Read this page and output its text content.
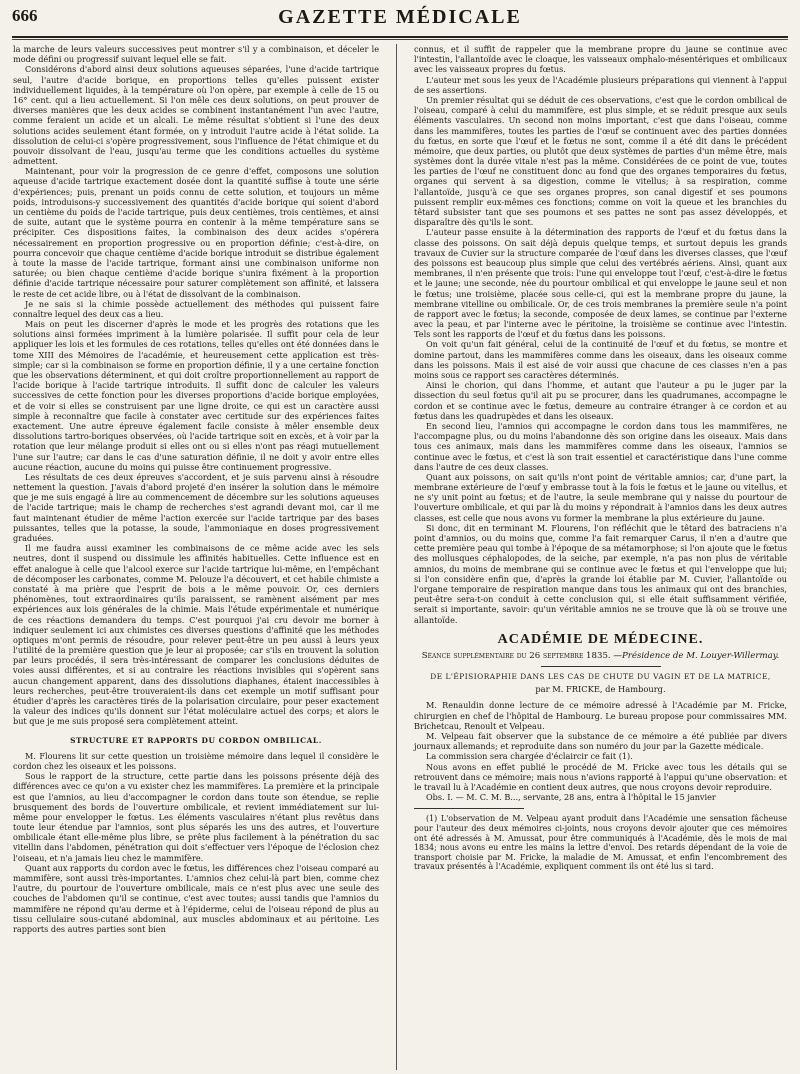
666	GAZETTE MÉDICALE

la marche de leurs valeurs successives peut montrer s'il y a combinaison, et déceler le mode défini ou progressif suivant lequel elle se fait.

Considérons d'abord ainsi deux solutions aqueuses séparées, l'une d'acide tartrique seul, l'autre d'acide borique, en proportions telles qu'elles puissent exister individuellement liquides, à la température où l'on opère, par exemple à celle de 15 ou 16° cent. qui a lieu actuellement. Si l'on mêle ces deux solutions, on peut prouver de diverses manières que les deux acides se combinent instantanément l'un avec l'autre, comme feraient un acide et un alcali. Le même résultat s'obtient si l'une des deux solutions acides seulement étant formée, on y introduit l'autre acide à l'état solide. La dissolution de celui-ci s'opère progressivement, sous l'influence de l'état chimique et du pouvoir dissolvant de l'eau, jusqu'au terme que les conditions actuelles du système admettent.

Maintenant, pour voir la progression de ce genre d'effet, composons une solution aqueuse d'acide tartrique exactement dosée dont la quantité suffise à toute une série d'expériences; puis, prenant un poids connu de cette solution, et toujours un même poids, introduisons-y successivement des quantités d'acide borique qui soient d'abord un centième du poids de l'acide tartrique, puis deux centièmes, trois centièmes, et ainsi de suite, autant que le système pourra en contenir à la même température sans se précipiter. Ces dispositions faites, la combinaison des deux acides s'opérera nécessairement en proportion progressive ou en proportion définie; c'est-à-dire, on pourra concevoir que chaque centième d'acide borique introduit se distribue également à toute la masse de l'acide tartrique, formant ainsi une combinaison uniforme non saturée; ou bien chaque centième d'acide borique s'unira fixément à la proportion définie d'acide tartrique nécessaire pour saturer complètement son affinité, et laissera le reste de cet acide libre, ou à l'état de dissolvant de la combinaison.

Je ne sais si la chimie possède actuellement des méthodes qui puissent faire connaître lequel des deux cas a lieu.

Mais on peut les discerner d'après le mode et les progrès des rotations que les solutions ainsi formées impriment à la lumière polarisée. Il suffit pour cela de leur appliquer les lois et les formules de ces rotations, telles qu'elles ont été données dans le tome XIII des Mémoires de l'académie, et heureusement cette application est très-simple; car si la combinaison se forme en proportion définie, il y a une certaine fonction que les observations déterminent, et qui doit croître proportionnellement au rapport de l'acide borique à l'acide tartrique introduits. Il suffit donc de calculer les valeurs successives de cette fonction pour les diverses proportions d'acide borique employées, et de voir si elles se construisent par une ligne droite, ce qui est un caractère aussi simple à reconnaître que facile à constater avec certitude sur des expériences faites exactement. Une autre épreuve également facile consiste à mêler ensemble deux dissolutions tartro-boriques observées, où l'acide tartrique soit en excès, et à voir par la rotation que leur mélange produit si elles ont ou si elles n'ont pas réagi mutuellement l'une sur l'autre; car dans le cas d'une saturation définie, il ne doit y avoir entre elles aucune réaction, aucune du moins qui puisse être continuement progressive.

Les résultats de ces deux épreuves s'accordent, et je suis parvenu ainsi à résoudre nettement la question. J'avais d'abord projeté d'en insérer la solution dans le mémoire que je me suis engagé à lire au commencement de décembre sur les solutions aqueuses de l'acide tartrique; mais le champ de recherches s'est agrandi devant moi, car il me faut maintenant étudier de même l'action exercée sur l'acide tartrique par des bases puissantes, telles que la potasse, la soude, l'ammoniaque en doses progressivement graduées.

Il me faudra aussi examiner les combinaisons de ce même acide avec les sels neutres, dont il suspend ou dissimule les affinités habituelles. Cette influence est en effet analogue à celle que l'alcool exerce sur l'acide tartrique lui-même, en l'empêchant de décomposer les carbonates, comme M. Pelouze l'a découvert, et cet habile chimiste a constaté à ma prière que l'esprit de bois a le même pouvoir. Or, ces derniers phénomènes, tout extraordinaires qu'ils paraissent, se ramènent aisément par mes expériences aux lois générales de la chimie. Mais l'étude expérimentale et numérique de ces réactions demandera du temps. C'est pourquoi j'ai cru devoir me borner à indiquer seulement ici aux chimistes ces diverses questions d'affinité que les méthodes optiques m'ont permis de résoudre, pour relever peut-être un peu aussi à leurs yeux l'utilité de la première question que je leur ai proposée; car s'ils en trouvent la solution par leurs procédés, il sera très-intéressant de comparer les conclusions déduites de voies aussi différentes, et si au contraire les réactions invisibles qui s'opèrent sans aucun changement apparent, dans des dissolutions diaphanes, étaient inaccessibles à leurs recherches, peut-être trouveraient-ils dans cet exemple un motif suffisant pour étudier d'après les caractères tirés de la polarisation circulaire, pour peser exactement la valeur des indices qu'ils donnent sur l'état moléculaire actuel des corps; et alors le but que je me suis proposé sera complètement atteint.

STRUCTURE ET RAPPORTS DU CORDON OMBILICAL.

M. Flourens lit sur cette question un troisième mémoire dans lequel il considère le cordon chez les oiseaux et les poissons.

Sous le rapport de la structure, cette partie dans les poissons présente déjà des différences avec ce qu'on a vu exister chez les mammifères. La première et la principale est que l'amnios, au lieu d'accompagner le cordon dans toute son étendue, se replie brusquement des bords de l'ouverture ombilicale, et revient immédiatement sur lui-même pour envelopper le fœtus. Les éléments vasculaires n'étant plus revêtus dans toute leur étendue par l'amnios, sont plus séparés les uns des autres, et l'ouverture ombilicale étant elle-même plus libre, se prête plus facilement à la pénétration du sac vitellin dans l'abdomen, pénétration qui doit s'effectuer vers l'époque de l'éclosion chez l'oiseau, et n'a jamais lieu chez le mammifère.

Quant aux rapports du cordon avec le fœtus, les différences chez l'oiseau comparé au mammifère, sont aussi très-importantes. L'amnios chez celui-là part bien, comme chez l'autre, du pourtour de l'ouverture ombilicale, mais ce n'est plus avec une seule des couches de l'abdomen qu'il se continue, c'est avec toutes; aussi tandis que l'amnios du mammifère ne répond qu'au derme et à l'épiderme, celui de l'oiseau répond de plus au tissu cellulaire sous-cutané abdominal, aux muscles abdominaux et au péritoine. Les rapports des autres parties sont bien

connus, et il suffit de rappeler que la membrane propre du jaune se continue avec l'intestin, l'allantoïde avec le cloaque, les vaisseaux omphalo-mésentériques et ombilicaux avec les vaisseaux propres du fœtus.

L'auteur met sous les yeux de l'Académie plusieurs préparations qui viennent à l'appui de ses assertions.

Un premier résultat qui se déduit de ces observations, c'est que le cordon ombilical de l'oiseau, comparé à celui du mammifère, est plus simple, et se réduit presque aux seuls éléments vasculaires. Un second non moins important, c'est que dans l'oiseau, comme dans les mammifères, toutes les parties de l'œuf se continuent avec des parties données du fœtus, en sorte que l'œuf et le fœtus ne sont, comme il a été dit dans le précédent mémoire, que deux parties, ou plutôt que deux systèmes de parties d'un même être, mais systèmes dont la durée vitale n'est pas la même. Considérées de ce point de vue, toutes les parties de l'œuf ne constituent donc au fond que des organes temporaires du fœtus, organes qui servent à sa digestion, comme le vitellus; à sa respiration, comme l'allantoïde, jusqu'à ce que ses organes propres, son canal digestif et ses poumons puissent remplir eux-mêmes ces fonctions; comme on voit la queue et les branchies du têtard subsister tant que ses poumons et ses pattes ne sont pas assez développés, et disparaître dès qu'ils le sont.

L'auteur passe ensuite à la détermination des rapports de l'œuf et du fœtus dans la classe des poissons. On sait déjà depuis quelque temps, et surtout depuis les grands travaux de Cuvier sur la structure comparée de l'œuf dans les diverses classes, que l'œuf des poissons est beaucoup plus simple que celui des vertébrés aériens. Ainsi, quant aux membranes, il n'en présente que trois: l'une qui enveloppe tout l'œuf, c'est-à-dire le fœtus et le jaune; une seconde, née du pourtour ombilical et qui enveloppe le jaune seul et non le fœtus; une troisième, placée sous celle-ci, qui est la membrane propre du jaune, la membrane vitelline ou ombilicale. Or, de ces trois membranes la première seule n'a point de rapport avec le fœtus; la seconde, composée de deux lames, se continue par l'externe avec la peau, et par l'interne avec le péritoine, la troisième se continue avec l'intestin. Tels sont les rapports de l'œuf et du fœtus dans les poissons.

On voit qu'un fait général, celui de la continuité de l'œuf et du fœtus, se montre et domine partout, dans les mammifères comme dans les oiseaux, dans les oiseaux comme dans les poissons. Mais il est aisé de voir aussi que chacune de ces classes n'en a pas moins sous ce rapport ses caractères déterminés.

Ainsi le chorion, qui dans l'homme, et autant que l'auteur a pu le juger par la dissection du seul fœtus qu'il ait pu se procurer, dans les quadrumanes, accompagne le cordon et se continue avec le fœtus, demeure au contraire étranger à ce cordon et au fœtus dans les quadrupèdes et dans les oiseaux.

En second lieu, l'amnios qui accompagne le cordon dans tous les mammifères, ne l'accompagne plus, ou du moins l'abandonne dès son origine dans les oiseaux. Mais dans tous ces animaux, mais dans les mammifères comme dans les oiseaux, l'amnios se continue avec le fœtus, et c'est là son trait essentiel et caractéristique dans l'une comme dans l'autre de ces deux classes.

Quant aux poissons, on sait qu'ils n'ont point de véritable amnios; car, d'une part, la membrane extérieure de l'œuf y embrasse tout à la fois le fœtus et le jaune ou vitellus, et ne s'y unit point au fœtus; et de l'autre, la seule membrane qui y naisse du pourtour de l'ouverture ombilicale, et qui par là du moins y répondrait à l'amnios dans les deux autres classes, est celle que nous avons vu former la membrane la plus extérieure du jaune.

Si donc, dit en terminant M. Flourens, l'on réfléchit que le têtard des batraciens n'a point d'amnios, ou du moins que, comme l'a fait remarquer Carus, il n'en a d'autre que cette première peau qui tombe à l'époque de sa métamorphose; si l'on ajoute que le fœtus des mollusques céphalopodes, de la seiche, par exemple, n'a pas non plus de véritable amnios, du moins de membrane qui se continue avec le fœtus et qui l'enveloppe que lui; si l'on considère enfin que, d'après la grande loi établie par M. Cuvier, l'allantoïde ou l'organe temporaire de respiration manque dans tous les animaux qui ont des branchies, peut-être sera-t-on conduit à cette conclusion qui, si elle était suffisamment vérifiée, serait si importante, savoir: qu'un véritable amnios ne se trouve que là où se trouve une allantoïde.

ACADÉMIE DE MÉDECINE.
Séance supplémentaire du 26 septembre 1835. —Présidence de M. Louyer-Willermay.
DE L'ÉPISIORAPHIE DANS LES CAS DE CHUTE DU VAGIN ET DE LA MATRICE,
par M. FRICKE, de Hambourg.

M. Renauldin donne lecture de ce mémoire adressé à l'Académie par M. Fricke, chirurgien en chef de l'hôpital de Hambourg. Le bureau propose pour commissaires MM. Brichetcau, Renoult et Velpeau.

M. Velpeau fait observer que la substance de ce mémoire a été publiée par divers journaux allemands; et reproduite dans son numéro du jour par la Gazette médicale.

La commission sera chargée d'éclaircir ce fait (1).

Nous avons en effet publié le procédé de M. Fricke avec tous les détails qui se retrouvent dans ce mémoire; mais nous n'avions rapporté à l'appui qu'une observation: et le travail lu à l'Académie en contient deux autres, que nous croyons devoir reproduire.

Obs. I. — M. C. M. B..., servante, 28 ans, entra à l'hôpital le 15 janvier

(1) L'observation de M. Velpeau ayant produit dans l'Académie une sensation fâcheuse pour l'auteur des deux mémoires ci-joints, nous croyons devoir ajouter que ces mémoires ont été adressés à M. Amussat, pour être communiqués à l'Académie, dès le mois de mai 1834; nous avons eu entre les mains la lettre d'envoi. Des retards dépendant de la voie de transport choisie par M. Fricke, la maladie de M. Amussat, et enfin l'encombrement des travaux présentés à l'Académie, expliquent comment ils ont été lus si tard.
